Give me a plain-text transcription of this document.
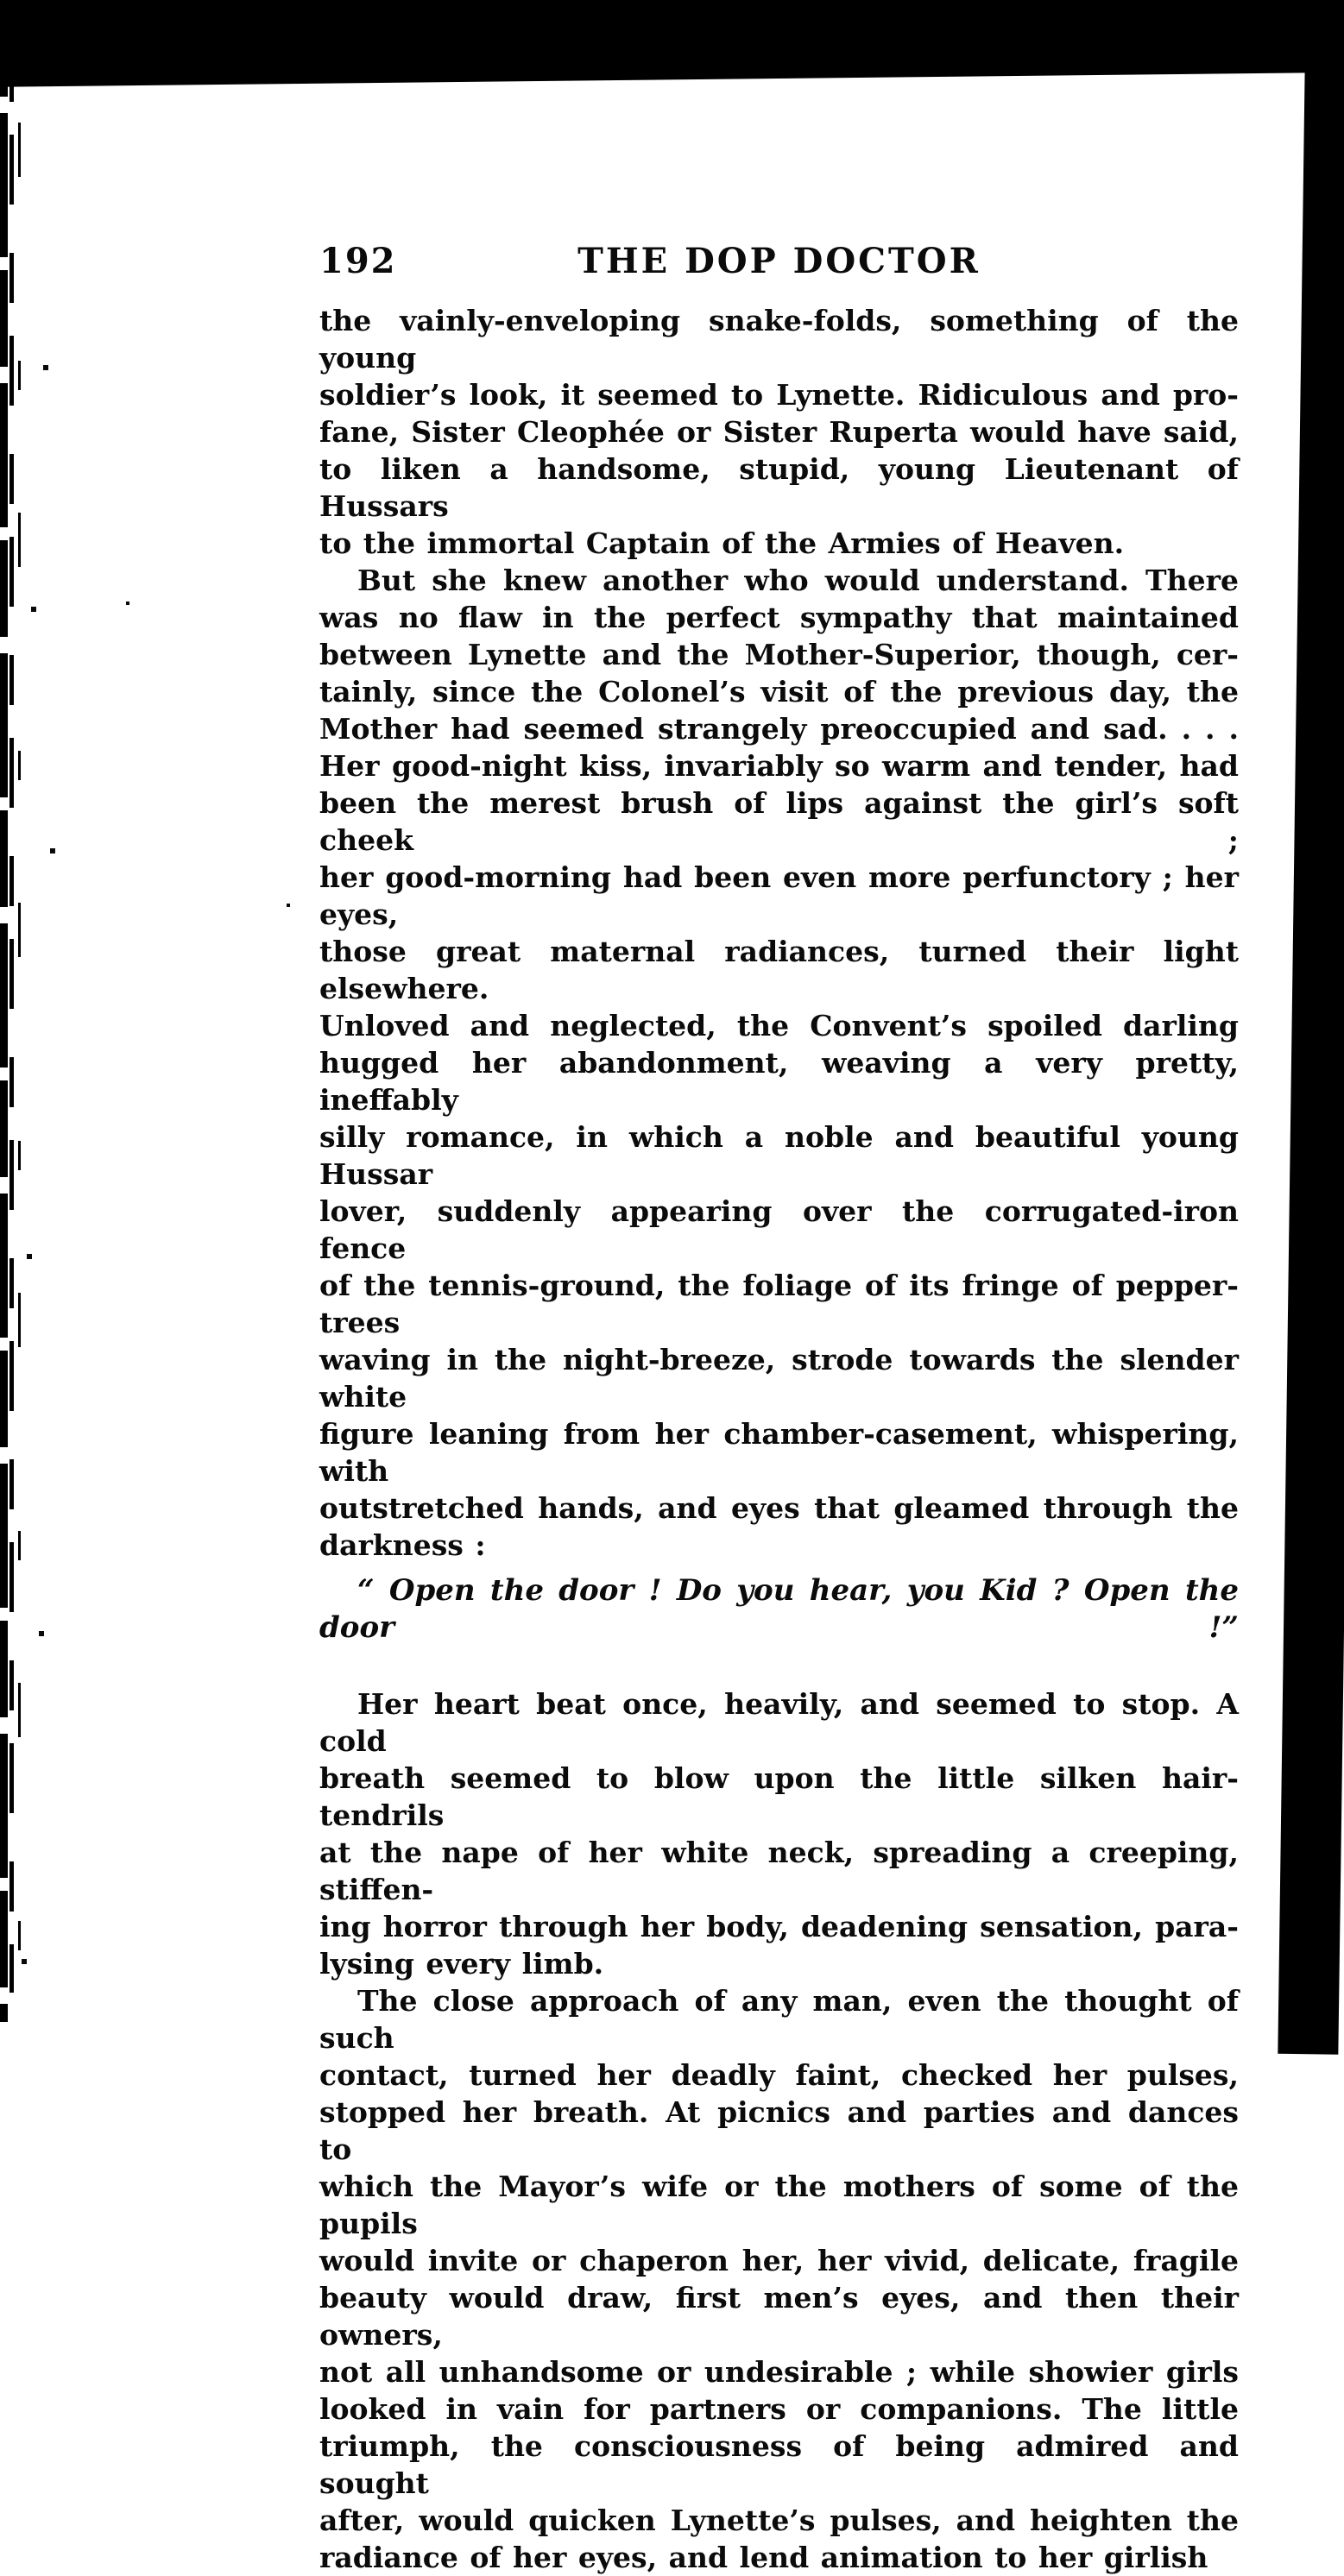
192	THE DOP DOCTOR
the vainly-enveloping snake-folds, something of the young
soldier’s look, it seemed to Lynette. Ridiculous and pro-
fane, Sister Cleophée or Sister Ruperta would have said,
to liken a handsome, stupid, young Lieutenant of Hussars
to the immortal Captain of the Armies of Heaven.
But she knew another who would understand. There
was no flaw in the perfect sympathy that maintained
between Lynette and the Mother-Superior, though, cer-
tainly, since the Colonel’s visit of the previous day, the
Mother had seemed strangely preoccupied and sad. . . .
Her good-night kiss, invariably so warm and tender, had
been the merest brush of lips against the girl’s soft cheek ;
her good-morning had been even more perfunctory ; her eyes,
those great maternal radiances, turned their light elsewhere.
Unloved and neglected, the Convent’s spoiled darling
hugged her abandonment, weaving a very pretty, ineffably
silly romance, in which a noble and beautiful young Hussar
lover, suddenly appearing over the corrugated-iron fence
of the tennis-ground, the foliage of its fringe of pepper-trees
waving in the night-breeze, strode towards the slender white
figure leaning from her chamber-casement, whispering, with
outstretched hands, and eyes that gleamed through the
darkness :
“ Open the door ! Do you hear, you Kid ? Open the door !”
Her heart beat once, heavily, and seemed to stop. A cold
breath seemed to blow upon the little silken hair-tendrils
at the nape of her white neck, spreading a creeping, stiffen-
ing horror through her body, deadening sensation, para-
lysing every limb.
The close approach of any man, even the thought of such
contact, turned her deadly faint, checked her pulses,
stopped her breath. At picnics and parties and dances to
which the Mayor’s wife or the mothers of some of the pupils
would invite or chaperon her, her vivid, delicate, fragile
beauty would draw, first men’s eyes, and then their owners,
not all unhandsome or undesirable ; while showier girls
looked in vain for partners or companions. The little
triumph, the consciousness of being admired and sought
after, would quicken Lynette’s pulses, and heighten the
radiance of her eyes, and lend animation to her girlish
